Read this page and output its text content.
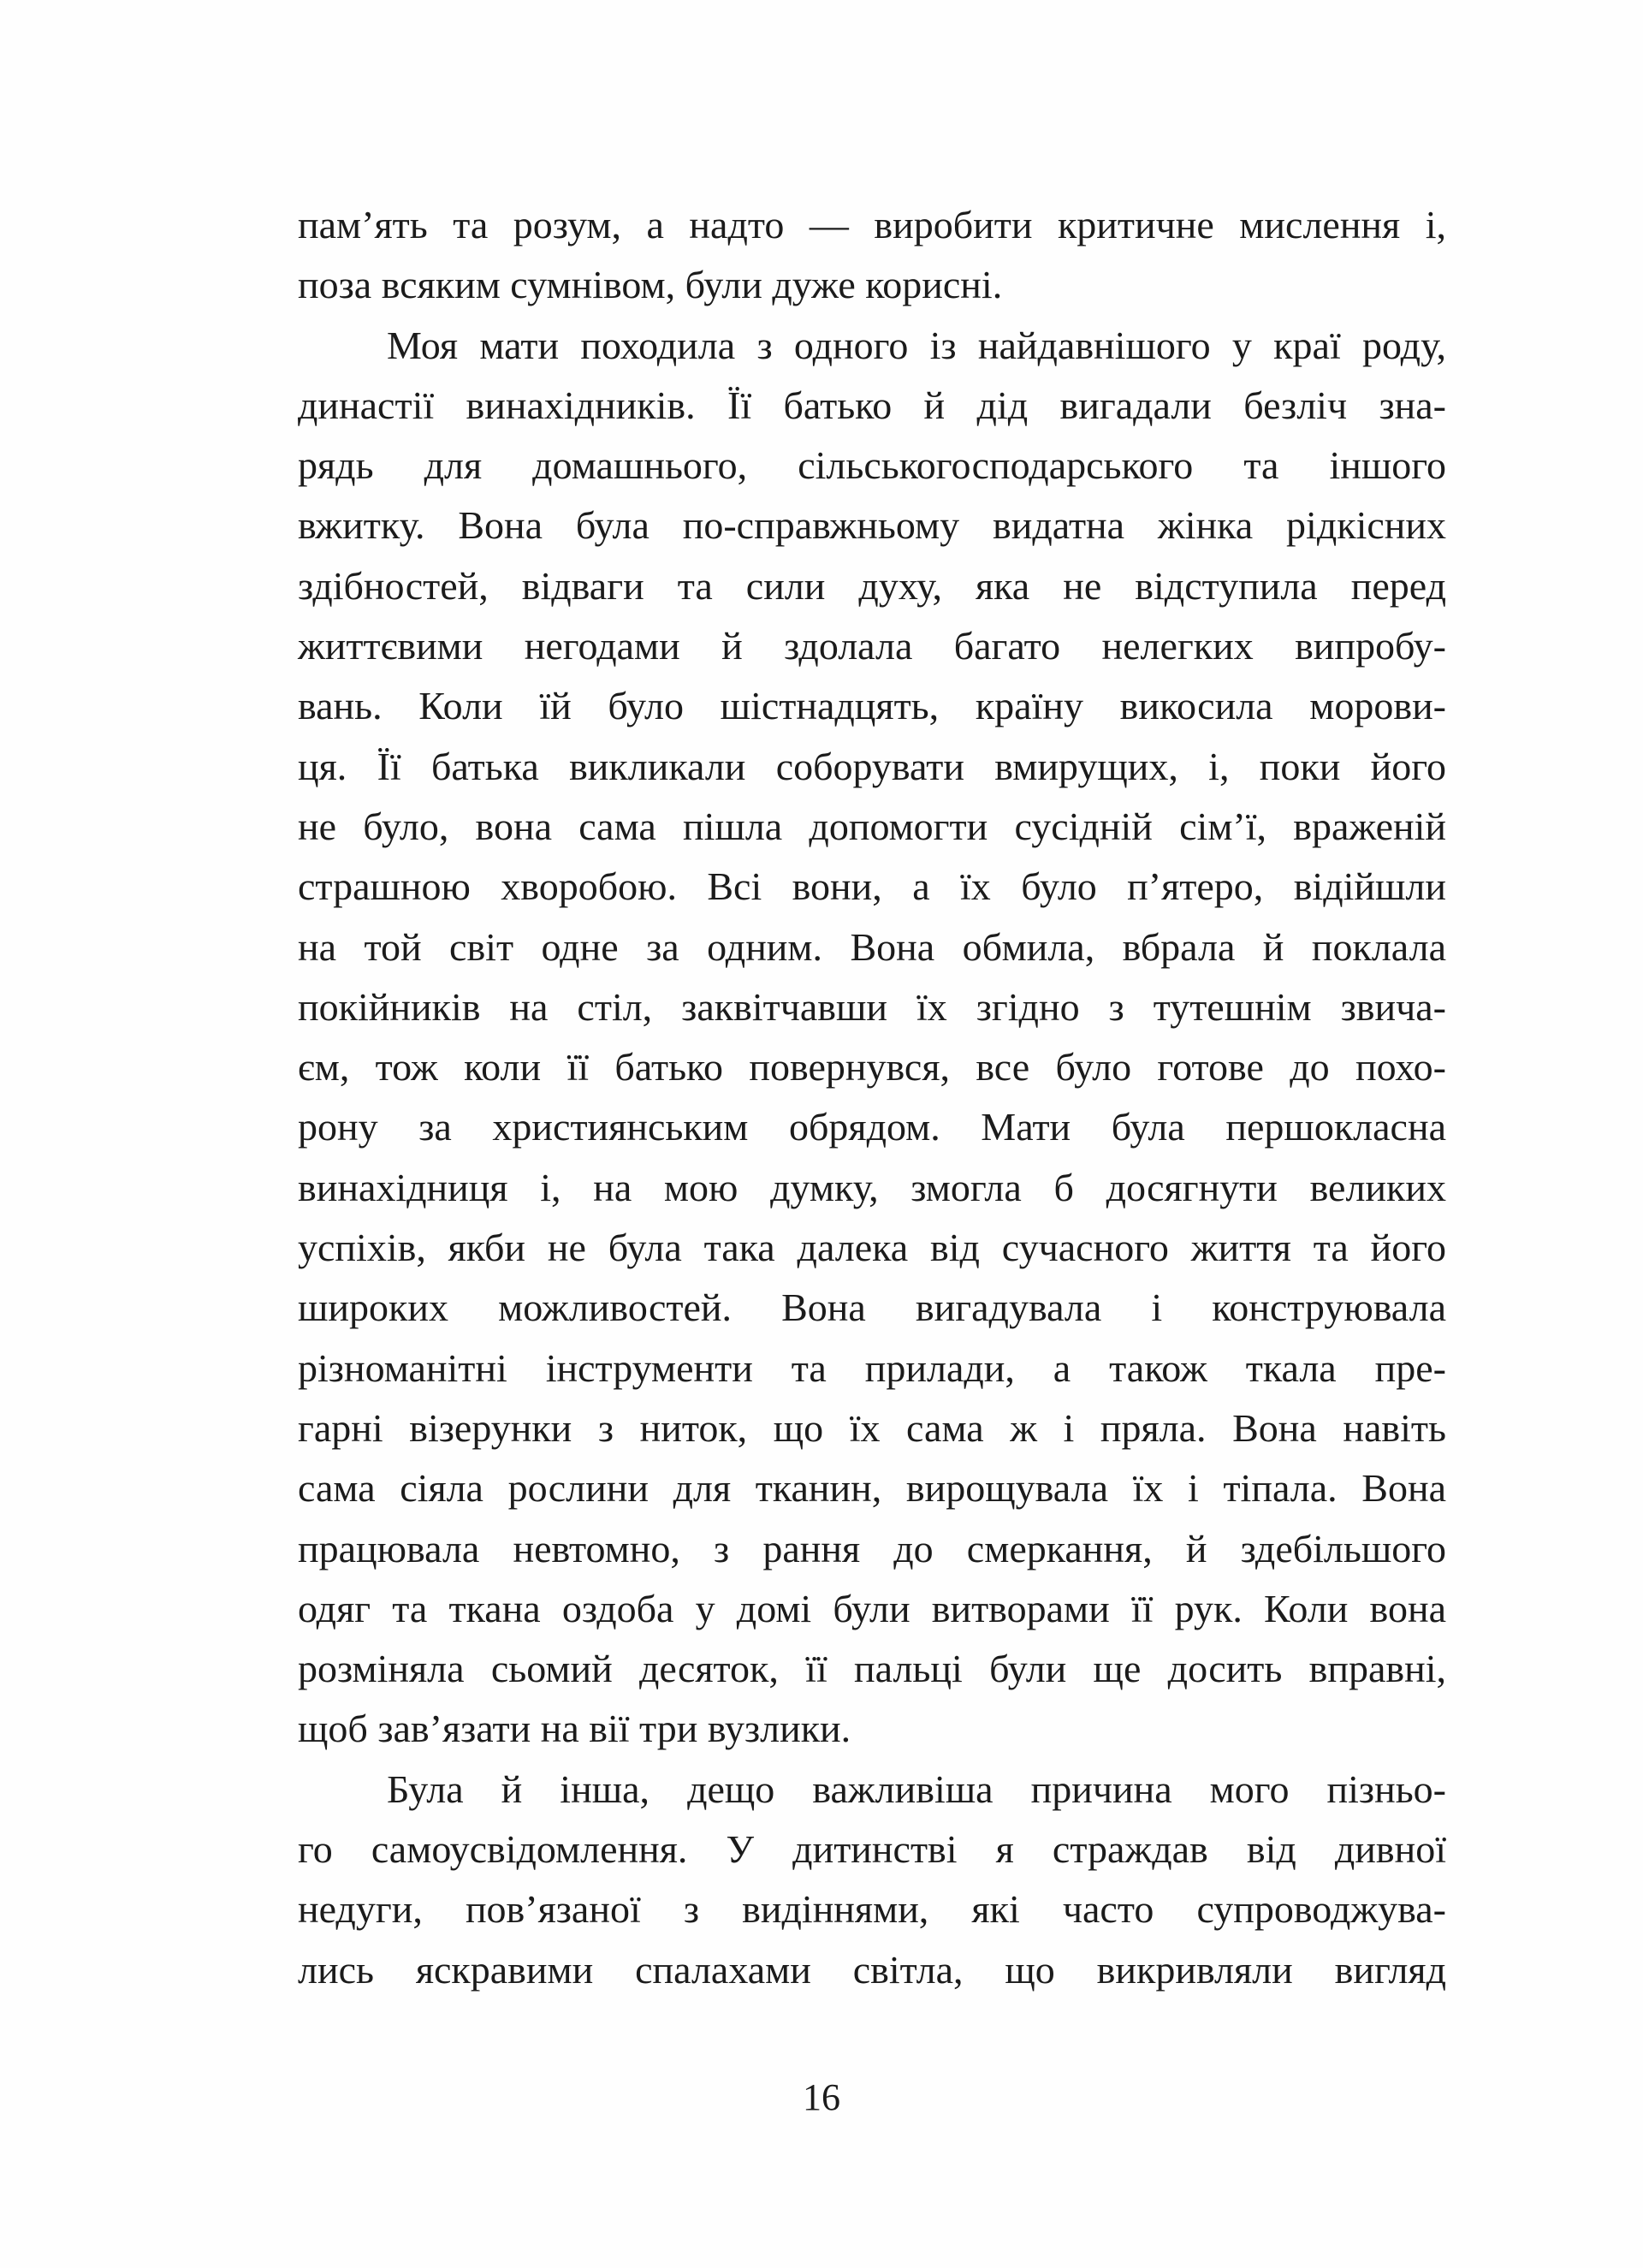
пам’ять та розум, а надто — виробити критичне мислення і,
поза всяким сумнівом, були дуже корисні.
Моя мати походила з одного із найдавнішого у краї роду,
династії винахідників. Її батько й дід вигадали безліч зна-
рядь для домашнього, сільськогосподарського та іншого
вжитку. Вона була по-справжньому видатна жінка рідкісних
здібностей, відваги та сили духу, яка не відступила перед
життєвими негодами й здолала багато нелегких випробу-
вань. Коли їй було шістнадцять, країну викосила морови-
ця. Її батька викликали соборувати вмирущих, і, поки його
не було, вона сама пішла допомогти сусідній сім’ї, враженій
страшною хворобою. Всі вони, а їх було п’ятеро, відійшли
на той світ одне за одним. Вона обмила, вбрала й поклала
покійників на стіл, заквітчавши їх згідно з тутешнім звича-
єм, тож коли її батько повернувся, все було готове до похо-
рону за християнським обрядом. Мати була першокласна
винахідниця і, на мою думку, змогла б досягнути великих
успіхів, якби не була така далека від сучасного життя та його
широких можливостей. Вона вигадувала і конструювала
різноманітні інструменти та прилади, а також ткала пре-
гарні візерунки з ниток, що їх сама ж і пряла. Вона навіть
сама сіяла рослини для тканин, вирощувала їх і тіпала. Вона
працювала невтомно, з рання до смеркання, й здебільшого
одяг та ткана оздоба у домі були витворами її рук. Коли вона
розміняла сьомий десяток, її пальці були ще досить вправні,
щоб зав’язати на вії три вузлики.
Була й інша, дещо важливіша причина мого пізньо-
го самоусвідомлення. У дитинстві я страждав від дивної
недуги, пов’язаної з видіннями, які часто супроводжува-
лись яскравими спалахами світла, що викривляли вигляд
16
